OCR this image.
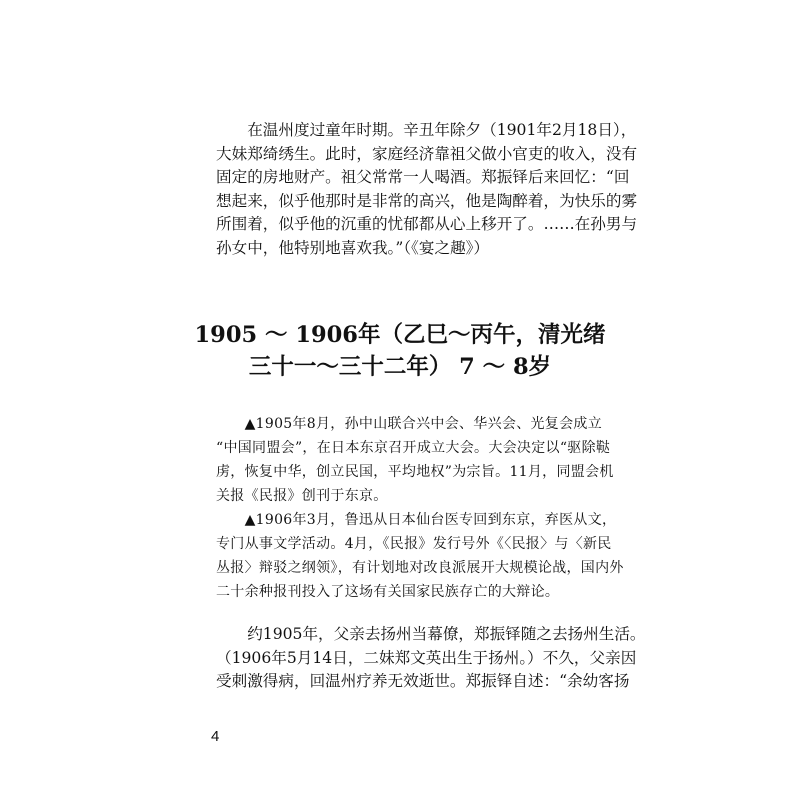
　　在温州度过童年时期。辛丑年除夕（1901年2月18日），
大妹郑绮绣生。此时，家庭经济靠祖父做小官吏的收入，没有
固定的房地财产。祖父常常一人喝酒。郑振铎后来回忆：“回
想起来，似乎他那时是非常的高兴，他是陶醉着，为快乐的雾
所围着，似乎他的沉重的忧郁都从心上移开了。……在孙男与
孙女中，他特别地喜欢我。”（《宴之趣》）
1905 ～ 1906年（乙巳～丙午，清光绪
三十一～三十二年） 7 ～ 8岁
　　▲1905年8月，孙中山联合兴中会、华兴会、光复会成立
“中国同盟会”，在日本东京召开成立大会。大会决定以“驱除鞑
虏，恢复中华，创立民国，平均地权”为宗旨。11月，同盟会机
关报《民报》创刊于东京。
　　▲1906年3月，鲁迅从日本仙台医专回到东京，弃医从文，
专门从事文学活动。4月，《民报》发行号外《〈民报〉与〈新民
丛报〉辩驳之纲领》，有计划地对改良派展开大规模论战，国内外
二十余种报刊投入了这场有关国家民族存亡的大辩论。
　　约1905年，父亲去扬州当幕僚，郑振铎随之去扬州生活。
（1906年5月14日，二妹郑文英出生于扬州。）不久，父亲因
受刺激得病，回温州疗养无效逝世。郑振铎自述：“余幼客扬
4
